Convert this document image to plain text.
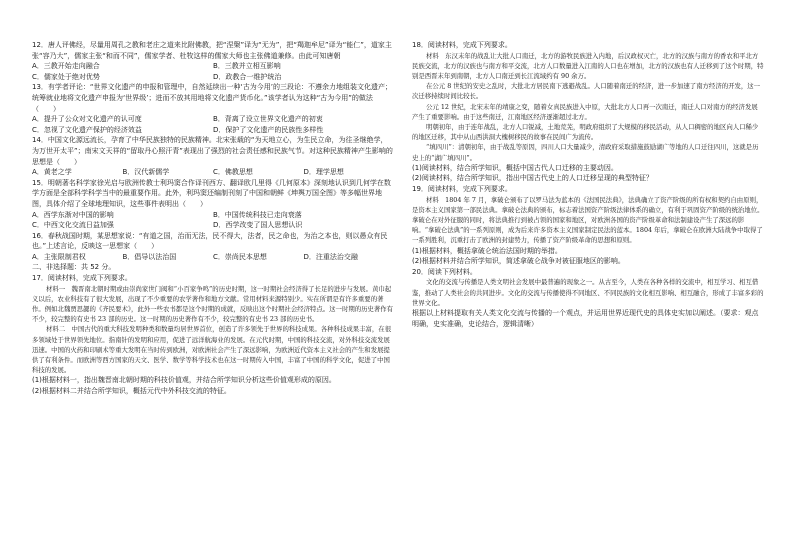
12．唐人评佛经，尽量用周孔之教和老庄之道来比附佛教，把“涅槃”译为“无为”，把“羯迦牟尼”译为“能仁”，道家主张“容乃大”，儒家主张“和而不同”，儒家学者、杜牧这样的儒家大师也主张佛道兼修。由此可知唐朝

A．三教开始走向融合	B．三教并立相互影响
C．儒家处于绝对优势	D．政教合一维护统治

13．有学者评论：“世界文化遗产的申报和管理中，自然延续出一种‘古为今用’的三段论：不遵余力地组装文化遗产；统筹就业地将文化遗产申报为‘世界级’；进而不放其用地将文化遗产货币化。”该学者认为这种“古为今用”的做法（　　）

A．提升了公众对文化遗产的认可度	B．背离了设立世界文化遗产的初衷
C．忽视了文化遗产保护的经济效益	D．保护了文化遗产的民族性多样性

14．中国文化源远流长，孕育了中华民族独特的民族精神。北宋张载的“为天地立心，为生民立命，为往圣继绝学，为万世开太平”；南宋文天祥的“留取丹心照汗青”表现出了强烈的社会责任感和民族气节。对这种民族精神产生影响的思想是（　　）

A．黄老之学	B．汉代新儒学	C．佛教思想	D．理学思想

15．明朝著名科学家徐光启与欧洲传教士利玛窦合作译刊西方、翻译欧几里得《几何原本》深刻地认识到几何学在数学方面是全部科学科学当中的最重要作用。此外，利玛窦还编制刊刻了中国和朝鲜《坤舆万国全图》等多幅世界地图，具体介绍了全球地理知识，这些事件表明出（　　）

A．西学东渐对中国的影响	B．中国传统科技已走向衰落
C．中西文化交流日益加强	D．西学改变了国人思想认识

16．春秋战国时期，某思想家说：“有道之国，治而无法，民不得大，法者，民之命也，为治之本也，则以愚众有民也。”上述言论，反映这一思想家（　　）

A．主张限制君权	B．倡导以法治国	C．崇尚民本思想	D．注重法治交融

二、非选择题：共 52 分。

17．阅读材料，完成下列要求。

材料一　魏晋南北朝时期或由崇尚家世门阀和“小百家争鸣”的历史时期，这一时期社会经济得了长足的进步与发展。黄巾起义以后，农业科技有了很大发展，出现了不少重要的农学著作和地方文献。常用材料来源特别少。实在所谓是有许多重要的著作。例如北魏贾思勰的《齐民要术》，此外一些农书都是这个时期的成就，反映出这个时期社会经济特点。这一时期的历史著作有不少，较完整的有史书 23 部的历史。这一时期的历史著作有不少，较完整的有史书 23 部的历史书。

材料二　中国古代的重大科技发明种类和数量均居世界首位，创造了许多领先于世界的科技成果。各种科技成果丰富，在很多领域处于世界领先地位。指南针的发明和应用，促进了远洋航海业的发展。在元代时期，中国的科技交流，对外科技交流发展迅速。中国的火药和印刷术等重大发明在当时传到欧洲，对欧洲社会产生了深远影响，为欧洲近代资本主义社会的产生和发展提供了有利条件。而欧洲等西方国家的天文、医学、数学等科学技术也在这一时期传入中国，丰富了中国的科学文化，促进了中国科技的发展。

(1)根据材料一，指出魏晋南北朝时期的科技价值观，并结合所学知识分析这些价值观形成的原因。

(2)根据材料二并结合所学知识，概括元代中外科技交流的特征。

18．阅读材料，完成下列要求。

材料　东汉末年的战乱让大批人口南迁，北方的游牧民族进入内地，后汉政权灭亡，北方的汉族与南方的香农和平北方民族交流，北方的汉族也与南方和平交流，北方人口数量进入江南的人口也在增加，北方的汉族也有人迁移到了这个时期，特别是西晋末年到南朝，北方人口南迁到长江流域约有 90 余万。

在公元 8 世纪的安史之乱时，大批北方居民南下逃避战乱。人口随着南迁的经济，进一步加速了南方经济的开发，这一次迁移持续时间比较长。

公元 12 世纪，北宋末年的靖康之变，随着女真民族进入中原，大批北方人口再一次南迁，南迁人口对南方的经济发展产生了重要影响。由于这些南迁，江南地区经济逐渐超过北方。

明朝初年，由于连年战乱，北方人口锐减，土地荒芜，明政府组织了大规模的移民活动，从人口稠密的地区向人口稀少的地区迁移，其中从山西洪洞大槐树移民的故事在民间广为流传。

“填四川”：清朝初年，由于战乱等原因，四川人口大量减少，清政府采取措施鼓励湖广等地的人口迁往四川，这就是历史上的“湖广填四川”。

(1)阅读材料，结合所学知识，概括中国古代人口迁移的主要动因。

(2)阅读材料，结合所学知识，指出中国古代史上的人口迁移呈现的典型特征？

19．阅读材料，完成下列要求。

材料　1804 年 7 月，拿破仑颁布了以罗马法为蓝本的《法国民法典》，法典确立了资产阶级的所有权和契约自由原则，是资本主义国家第一部民法典。拿破仑法典的颁布，标志着法国资产阶级法律体系的确立，有利于巩固资产阶级的统治地位。拿破仑在对外征服的同时，将法典推行到被占领的国家和地区，对欧洲各国的资产阶级革命和法制建设产生了深远的影响。“拿破仑法典”的一系列原则，成为后来许多资本主义国家制定民法的蓝本。1804 年后，拿破仑在欧洲大陆战争中取得了一系列胜利，沉重打击了欧洲的封建势力，传播了资产阶级革命的思想和原则。

(1)根据材料，概括拿破仑统治法国时期的举措。

(2)根据材料并结合所学知识，简述拿破仑战争对被征服地区的影响。

20．阅读下列材料。

文化的交流与传播是人类文明社会发展中最普遍的现象之一。从古至今，人类在各种各样的交流中，相互学习、相互借鉴，推动了人类社会的共同进步。文化的交流与传播使得不同地区、不同民族的文化相互影响、相互融合，形成了丰富多彩的世界文化。

根据以上材料提取有关人类文化交流与传播的一个观点，并运用世界近现代史的具体史实加以阐述。（要求：观点明确，史实准确，史论结合，逻辑清晰）
